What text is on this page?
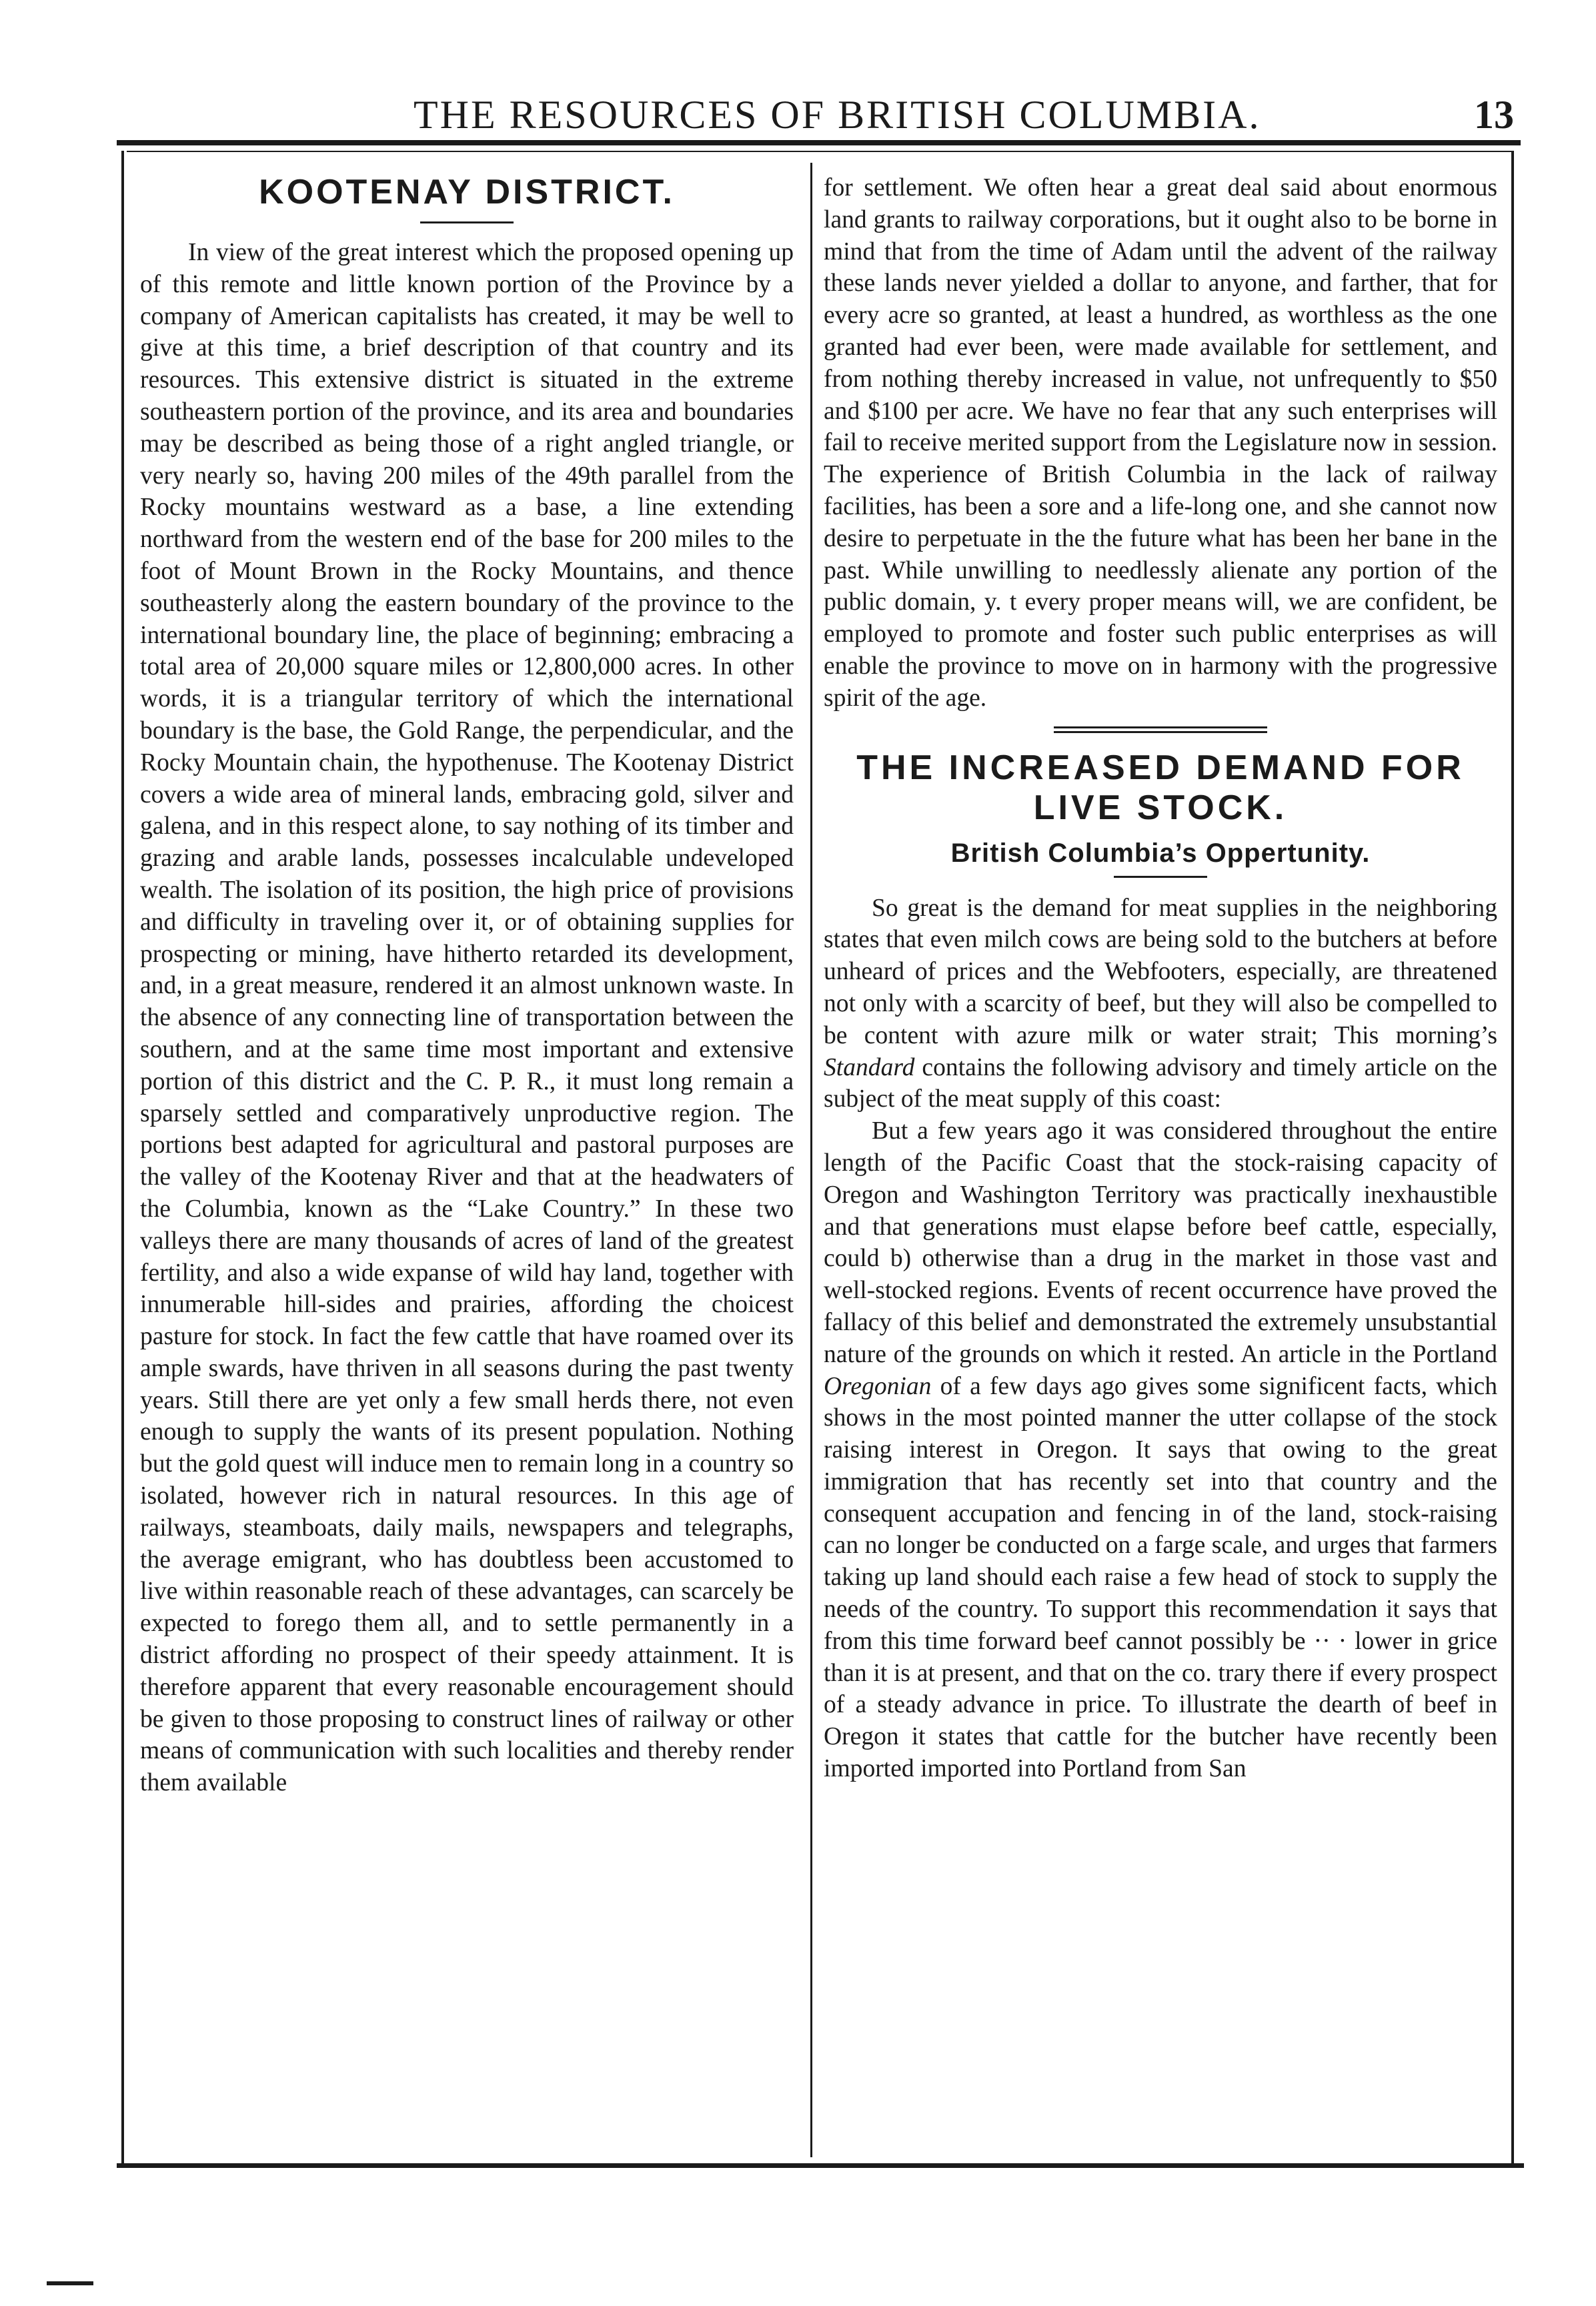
THE RESOURCES OF BRITISH COLUMBIA.	13
KOOTENAY DISTRICT.

In view of the great interest which the proposed opening up of this remote and little known portion of the Province by a company of American capitalists has created, it may be well to give at this time, a brief description of that country and its resources. This extensive district is situated in the extreme southeastern portion of the province, and its area and boundaries may be described as being those of a right angled triangle, or very nearly so, having 200 miles of the 49th parallel from the Rocky mountains westward as a base, a line extending northward from the western end of the base for 200 miles to the foot of Mount Brown in the Rocky Mountains, and thence southeasterly along the eastern boundary of the province to the international boundary line, the place of beginning; embracing a total area of 20,000 square miles or 12,800,000 acres. In other words, it is a triangular territory of which the international boundary is the base, the Gold Range, the perpendicular, and the Rocky Mountain chain, the hypothenuse. The Kootenay District covers a wide area of mineral lands, embracing gold, silver and galena, and in this respect alone, to say nothing of its timber and grazing and arable lands, possesses incalculable undeveloped wealth. The isolation of its position, the high price of provisions and difficulty in traveling over it, or of obtaining supplies for prospecting or mining, have hitherto retarded its development, and, in a great measure, rendered it an almost unknown waste. In the absence of any connecting line of transportation between the southern, and at the same time most important and extensive portion of this district and the C. P. R., it must long remain a sparsely settled and comparatively unproductive region. The portions best adapted for agricultural and pastoral purposes are the valley of the Kootenay River and that at the headwaters of the Columbia, known as the “Lake Country.” In these two valleys there are many thousands of acres of land of the greatest fertility, and also a wide expanse of wild hay land, together with innumerable hill-sides and prairies, affording the choicest pasture for stock. In fact the few cattle that have roamed over its ample swards, have thriven in all seasons during the past twenty years. Still there are yet only a few small herds there, not even enough to supply the wants of its present population. Nothing but the gold quest will induce men to remain long in a country so isolated, however rich in natural resources. In this age of railways, steamboats, daily mails, newspapers and telegraphs, the average emigrant, who has doubtless been accustomed to live within reasonable reach of these advantages, can scarcely be expected to forego them all, and to settle permanently in a district affording no prospect of their speedy attainment. It is therefore apparent that every reasonable encouragement should be given to those proposing to construct lines of railway or other means of communication with such localities and thereby render them available

for settlement. We often hear a great deal said about enormous land grants to railway corporations, but it ought also to be borne in mind that from the time of Adam until the advent of the railway these lands never yielded a dollar to anyone, and farther, that for every acre so granted, at least a hundred, as worthless as the one granted had ever been, were made available for settlement, and from nothing thereby increased in value, not unfrequently to $50 and $100 per acre. We have no fear that any such enterprises will fail to receive merited support from the Legislature now in session. The experience of British Columbia in the lack of railway facilities, has been a sore and a life-long one, and she cannot now desire to perpetuate in the the future what has been her bane in the past. While unwilling to needlessly alienate any portion of the public domain, y. t every proper means will, we are confident, be employed to promote and foster such public enterprises as will enable the province to move on in harmony with the progressive spirit of the age.

THE INCREASED DEMAND FOR LIVE STOCK.
British Columbia’s Oppertunity.

So great is the demand for meat supplies in the neighboring states that even milch cows are being sold to the butchers at before unheard of prices and the Webfooters, especially, are threatened not only with a scarcity of beef, but they will also be compelled to be content with azure milk or water strait; This morning’s Standard contains the following advisory and timely article on the subject of the meat supply of this coast:

But a few years ago it was considered throughout the entire length of the Pacific Coast that the stock-raising capacity of Oregon and Washington Territory was practically inexhaustible and that generations must elapse before beef cattle, especially, could b) otherwise than a drug in the market in those vast and well-stocked regions. Events of recent occurrence have proved the fallacy of this belief and demonstrated the extremely unsubstantial nature of the grounds on which it rested. An article in the Portland Oregonian of a few days ago gives some significent facts, which shows in the most pointed manner the utter collapse of the stock raising interest in Oregon. It says that owing to the great immigration that has recently set into that country and the consequent accupation and fencing in of the land, stock-raising can no longer be conducted on a farge scale, and urges that farmers taking up land should each raise a few head of stock to supply the needs of the country. To support this recommendation it says that from this time forward beef cannot possibly be ·· · lower in grice than it is at present, and that on the co. trary there if every prospect of a steady advance in price. To illustrate the dearth of beef in Oregon it states that cattle for the butcher have recently been imported imported into Portland from San
